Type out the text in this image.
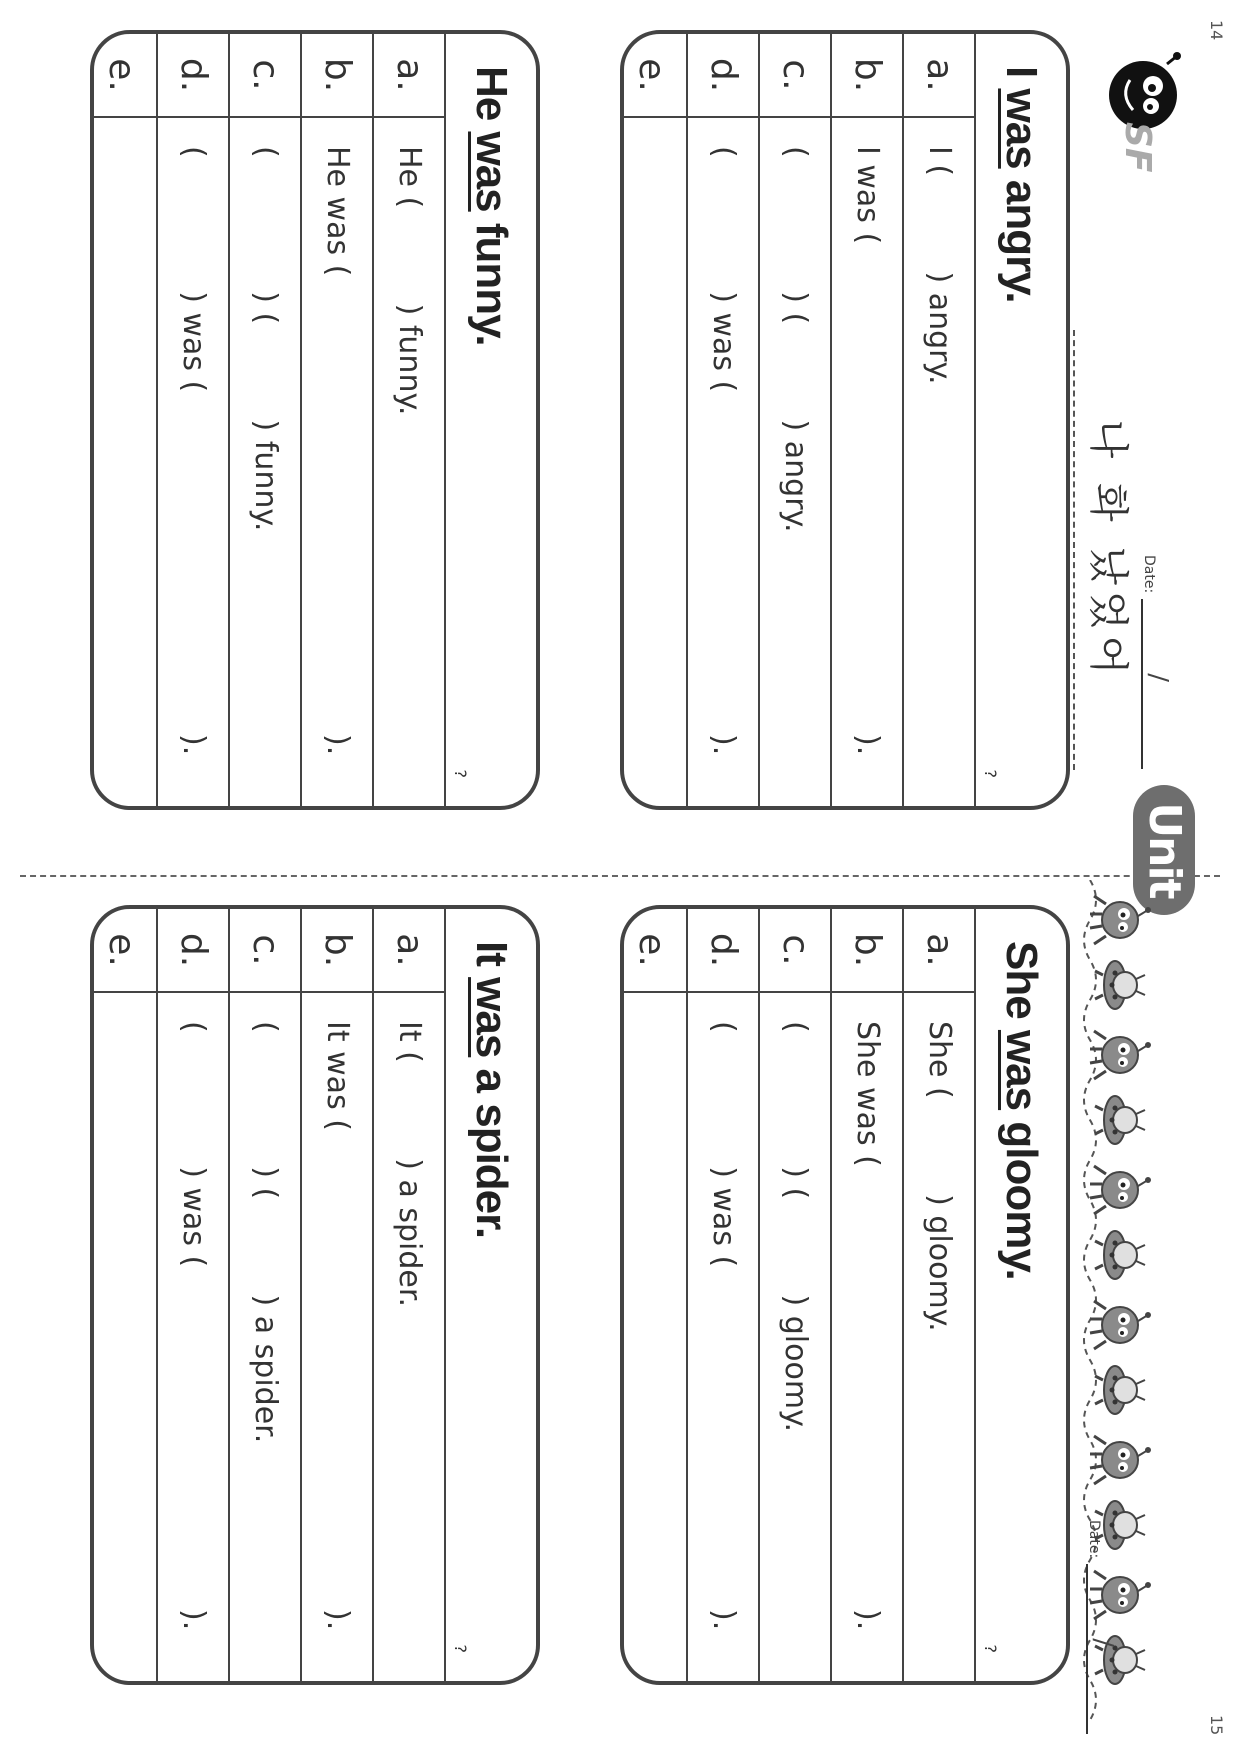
14
15
SF
나 화 났었어 Date:
/
Unit 2
Date:
/
I was angry.
?
a.
I (          ) angry.
b.
I was (
).
c.
(              ) (          ) angry.
d.
(              ) was (
).
e.
He was funny.
?
a.
He (          ) funny.
b.
He was (
).
c.
(              ) (          ) funny.
d.
(              ) was (
).
e.
She was gloomy.
?
a.
She (          ) gloomy.
b.
She was (
).
c.
(              ) (          ) gloomy.
d.
(              ) was (
).
e.
It was a spider.
?
a.
It (          ) a spider.
b.
It was (
).
c.
(              ) (          ) a spider.
d.
(              ) was (
).
e.
